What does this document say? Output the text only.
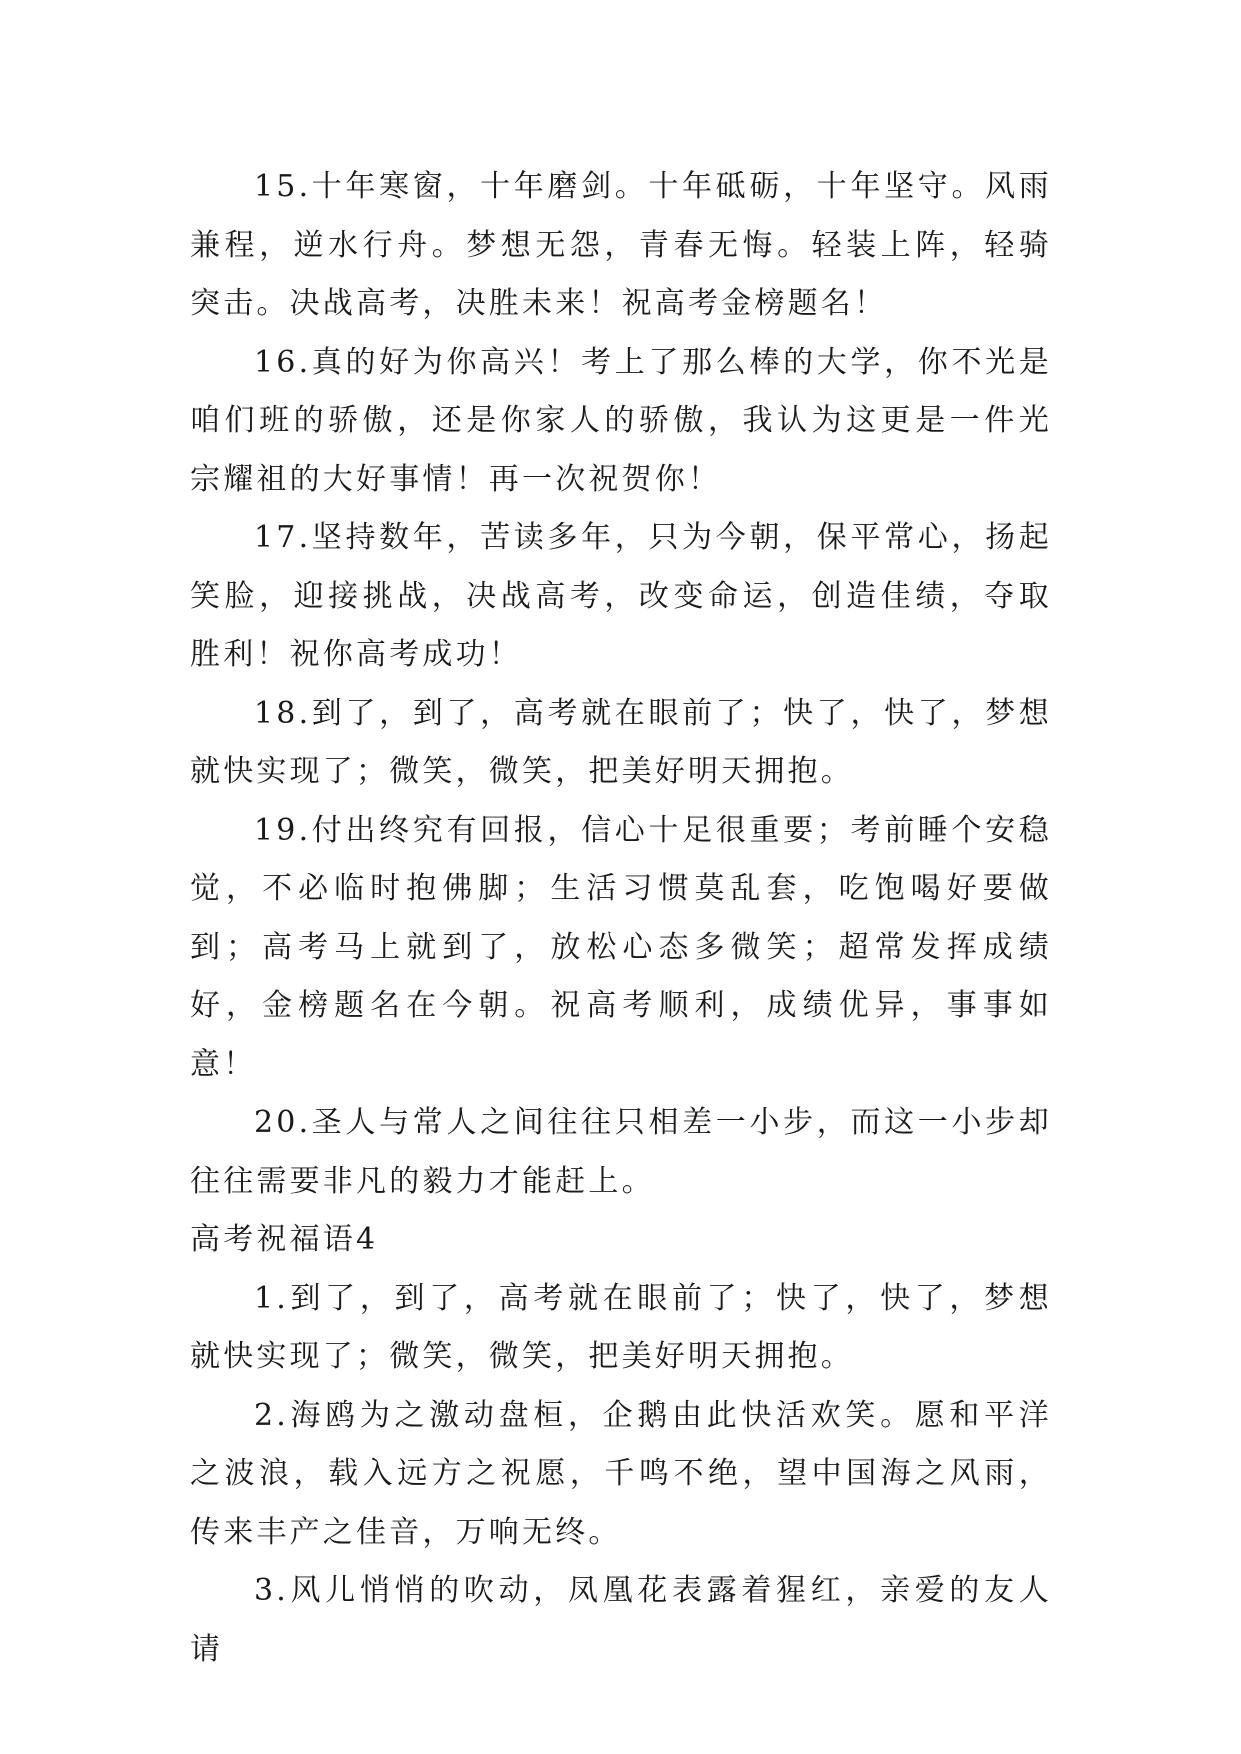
15.十年寒窗，十年磨剑。十年砥砺，十年坚守。风雨兼程，逆水行舟。梦想无怨，青春无悔。轻装上阵，轻骑突击。决战高考，决胜未来！祝高考金榜题名！

16.真的好为你高兴！考上了那么棒的大学，你不光是咱们班的骄傲，还是你家人的骄傲，我认为这更是一件光宗耀祖的大好事情！再一次祝贺你！

17.坚持数年，苦读多年，只为今朝，保平常心，扬起笑脸，迎接挑战，决战高考，改变命运，创造佳绩，夺取胜利！祝你高考成功！

18.到了，到了，高考就在眼前了；快了，快了，梦想就快实现了；微笑，微笑，把美好明天拥抱。

19.付出终究有回报，信心十足很重要；考前睡个安稳觉，不必临时抱佛脚；生活习惯莫乱套，吃饱喝好要做到；高考马上就到了，放松心态多微笑；超常发挥成绩好，金榜题名在今朝。祝高考顺利，成绩优异，事事如意！

20.圣人与常人之间往往只相差一小步，而这一小步却往往需要非凡的毅力才能赶上。

高考祝福语4

1.到了，到了，高考就在眼前了；快了，快了，梦想就快实现了；微笑，微笑，把美好明天拥抱。

2.海鸥为之激动盘桓，企鹅由此快活欢笑。愿和平洋之波浪，载入远方之祝愿，千鸣不绝，望中国海之风雨，传来丰产之佳音，万响无终。

3.风儿悄悄的吹动，凤凰花表露着猩红，亲爱的友人请
